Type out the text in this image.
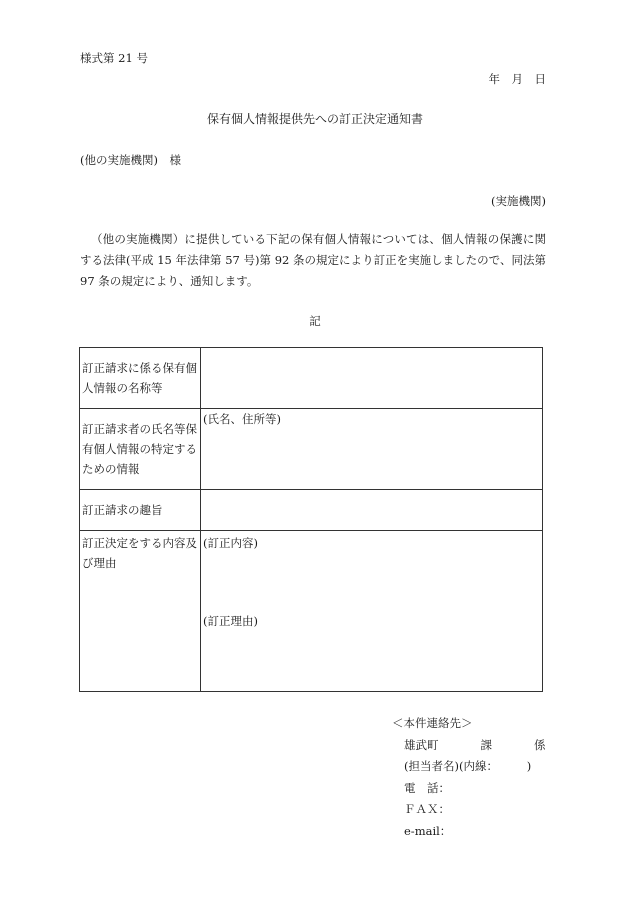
様式第 21 号
年　月　日
保有個人情報提供先への訂正決定通知書
(他の実施機関)　様
(実施機関)
（他の実施機関）に提供している下記の保有個人情報については、個人情報の保護に関する法律(平成 15 年法律第 57 号)第 92 条の規定により訂正を実施しましたので、同法第 97 条の規定により、通知します。
記
訂正請求に係る保有個人情報の名称等	

訂正請求者の氏名等保有個人情報の特定するための情報	(氏名、住所等)

訂正請求の趣旨	

訂正決定をする内容及び理由	(訂正内容)
(訂正理由)
＜本件連絡先＞
雄武町	課	係
(担当者名)(内線：　　　)
電　話：
ＦＡＸ：
e-mail：
